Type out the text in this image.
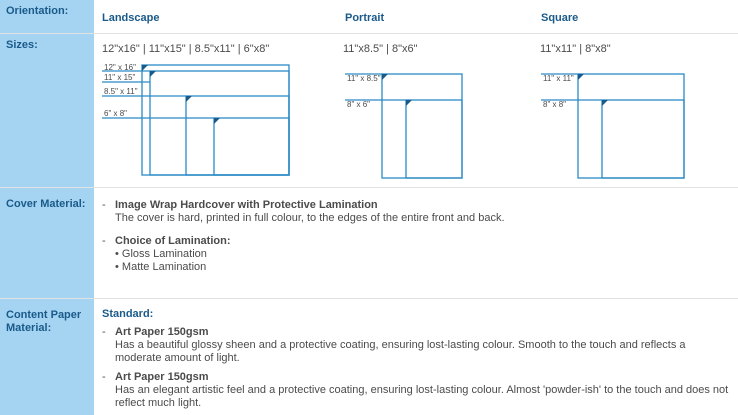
Orientation:
Landscape	Portrait	Square
Sizes:	12"x16" | 11"x15" | 8.5"x11" | 6"x8"	11"x8.5" | 8"x6"	11"x11" | 8"x8"
12" x 16"
11" x 15"
8.5" x 11"
6" x 8"
11" x 8.5"
8" x 6"
11" x 11"
8" x 8"
Cover Material:	- Image Wrap Hardcover with Protective Lamination
The cover is hard, printed in full colour, to the edges of the entire front and back.
- Choice of Lamination:
• Gloss Lamination
• Matte Lamination
Content Paper Material:
Standard:
- Art Paper 150gsm
Has a beautiful glossy sheen and a protective coating, ensuring lost-lasting colour. Smooth to the touch and reflects a moderate amount of light.
- Art Paper 150gsm
Has an elegant artistic feel and a protective coating, ensuring lost-lasting colour. Almost 'powder-ish' to the touch and does not reflect much light.
